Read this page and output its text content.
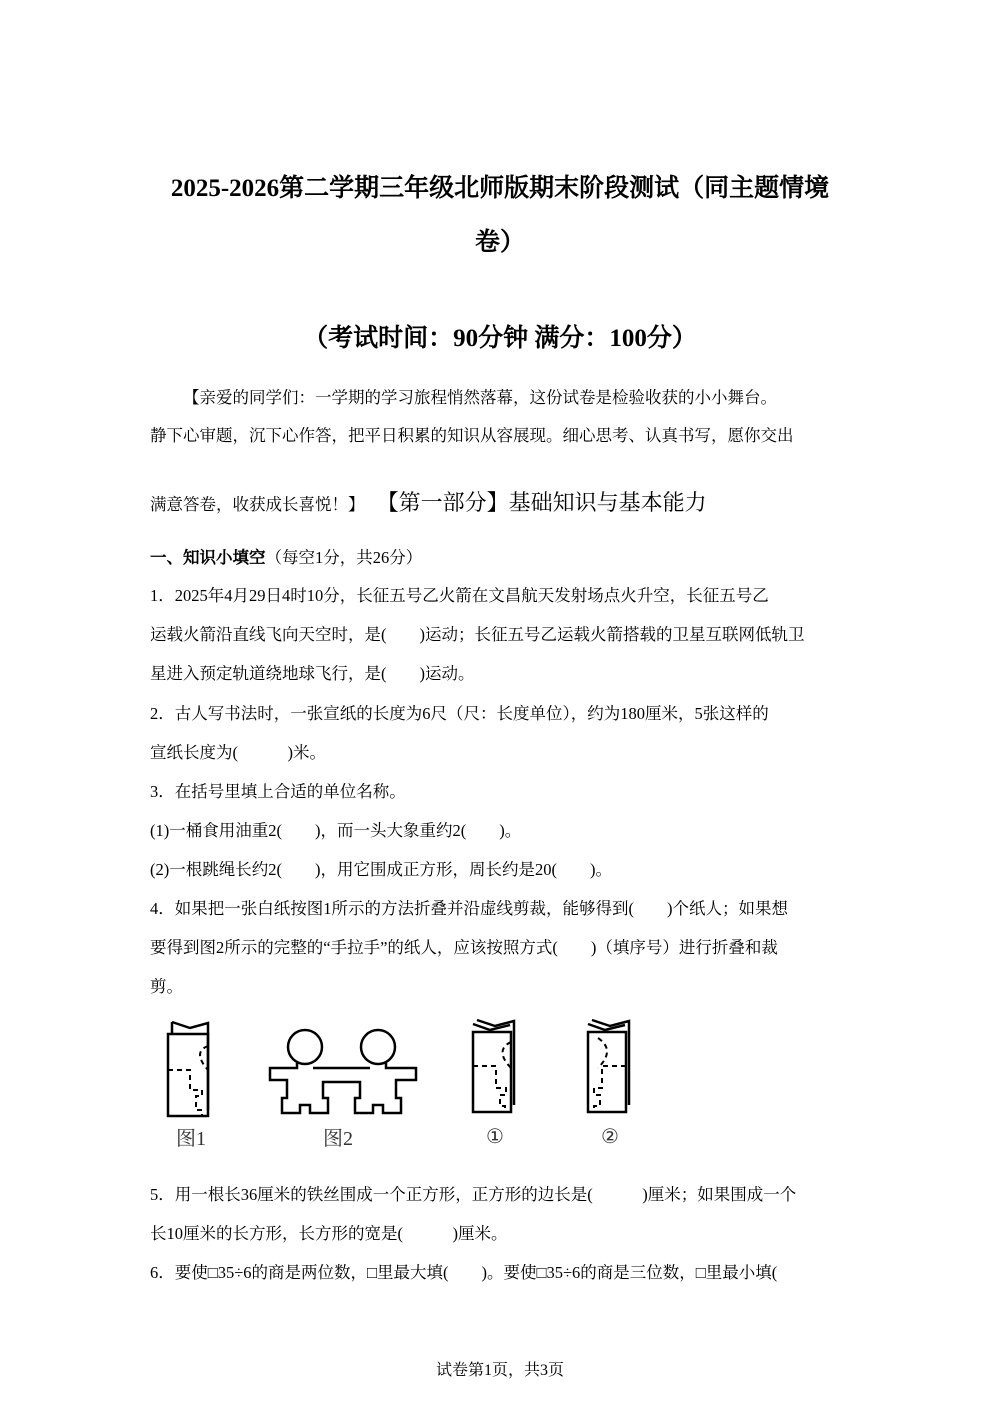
2025-2026第二学期三年级北师版期末阶段测试（同主题情境
卷）
（考试时间：90分钟 满分：100分）
【亲爱的同学们：一学期的学习旅程悄然落幕，这份试卷是检验收获的小小舞台。
静下心审题，沉下心作答，把平日积累的知识从容展现。细心思考、认真书写，愿你交出
满意答卷，收获成长喜悦！】 【第一部分】基础知识与基本能力
一、知识小填空（每空1分，共26分）
1．2025年4月29日4时10分，长征五号乙火箭在文昌航天发射场点火升空，长征五号乙
运载火箭沿直线飞向天空时，是(　　)运动；长征五号乙运载火箭搭载的卫星互联网低轨卫
星进入预定轨道绕地球飞行，是(　　)运动。
2．古人写书法时，一张宣纸的长度为6尺（尺：长度单位），约为180厘米，5张这样的
宣纸长度为(　　　)米。
3．在括号里填上合适的单位名称。
(1)一桶食用油重2(　　)，而一头大象重约2(　　)。
(2)一根跳绳长约2(　　)，用它围成正方形，周长约是20(　　)。
4．如果把一张白纸按图1所示的方法折叠并沿虚线剪裁，能够得到(　　)个纸人；如果想
要得到图2所示的完整的“手拉手”的纸人，应该按照方式(　　)（填序号）进行折叠和裁
剪。
图1	图2	①	②
5．用一根长36厘米的铁丝围成一个正方形，正方形的边长是(　　　)厘米；如果围成一个
长10厘米的长方形，长方形的宽是(　　　)厘米。
6．要使□35÷6的商是两位数，□里最大填(　　)。要使□35÷6的商是三位数，□里最小填(
试卷第1页，共3页
